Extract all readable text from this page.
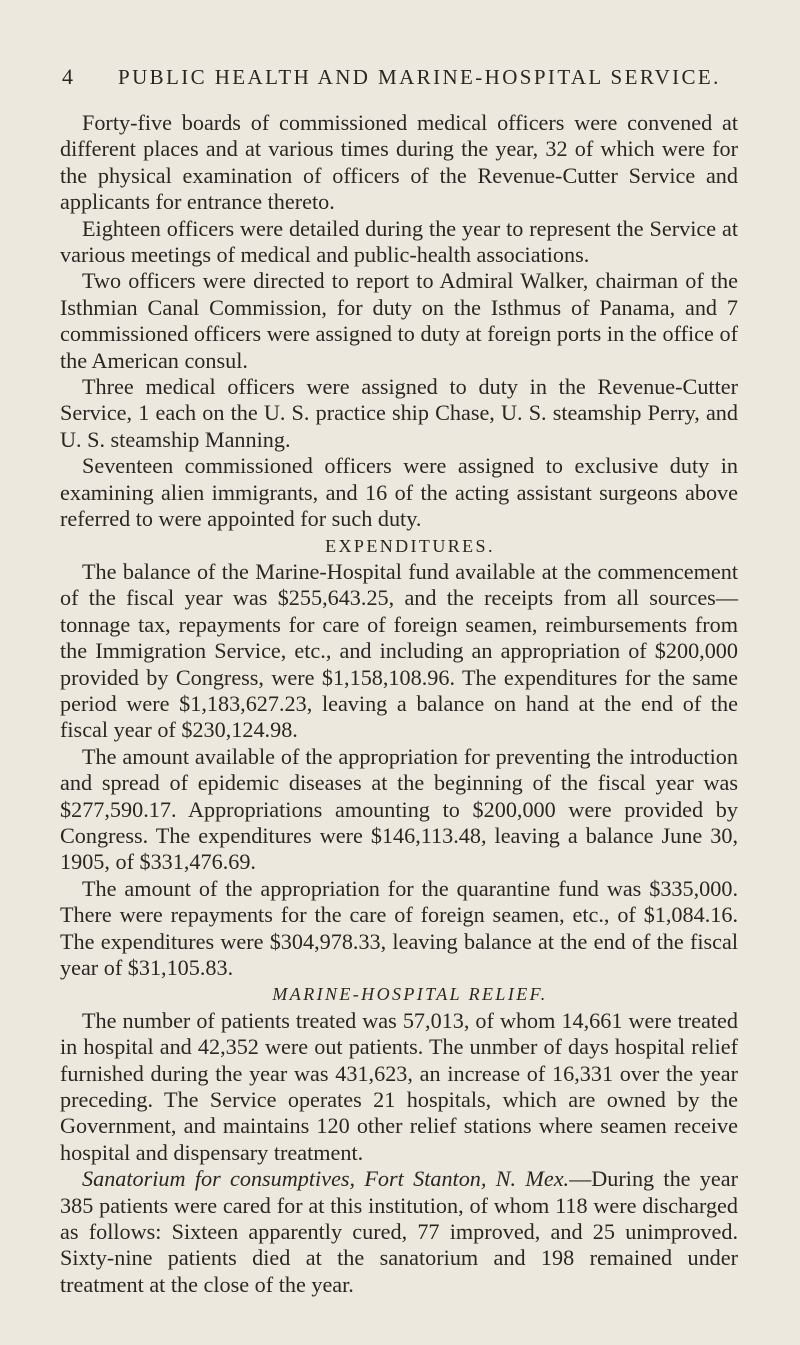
4	PUBLIC HEALTH AND MARINE-HOSPITAL SERVICE.

Forty-five boards of commissioned medical officers were convened at different places and at various times during the year, 32 of which were for the physical examination of officers of the Revenue-Cutter Service and applicants for entrance thereto.

Eighteen officers were detailed during the year to represent the Service at various meetings of medical and public-health associations.

Two officers were directed to report to Admiral Walker, chairman of the Isthmian Canal Commission, for duty on the Isthmus of Panama, and 7 commissioned officers were assigned to duty at foreign ports in the office of the American consul.

Three medical officers were assigned to duty in the Revenue-Cutter Service, 1 each on the U. S. practice ship Chase, U. S. steamship Perry, and U. S. steamship Manning.

Seventeen commissioned officers were assigned to exclusive duty in examining alien immigrants, and 16 of the acting assistant surgeons above referred to were appointed for such duty.

EXPENDITURES.

The balance of the Marine-Hospital fund available at the commencement of the fiscal year was $255,643.25, and the receipts from all sources—tonnage tax, repayments for care of foreign seamen, reimbursements from the Immigration Service, etc., and including an appropriation of $200,000 provided by Congress, were $1,158,108.96. The expenditures for the same period were $1,183,627.23, leaving a balance on hand at the end of the fiscal year of $230,124.98.

The amount available of the appropriation for preventing the introduction and spread of epidemic diseases at the beginning of the fiscal year was $277,590.17. Appropriations amounting to $200,000 were provided by Congress. The expenditures were $146,113.48, leaving a balance June 30, 1905, of $331,476.69.

The amount of the appropriation for the quarantine fund was $335,000. There were repayments for the care of foreign seamen, etc., of $1,084.16. The expenditures were $304,978.33, leaving balance at the end of the fiscal year of $31,105.83.

MARINE-HOSPITAL RELIEF.

The number of patients treated was 57,013, of whom 14,661 were treated in hospital and 42,352 were out patients. The unmber of days hospital relief furnished during the year was 431,623, an increase of 16,331 over the year preceding. The Service operates 21 hospitals, which are owned by the Government, and maintains 120 other relief stations where seamen receive hospital and dispensary treatment.

Sanatorium for consumptives, Fort Stanton, N. Mex.—During the year 385 patients were cared for at this institution, of whom 118 were discharged as follows: Sixteen apparently cured, 77 improved, and 25 unimproved. Sixty-nine patients died at the sanatorium and 198 remained under treatment at the close of the year.
